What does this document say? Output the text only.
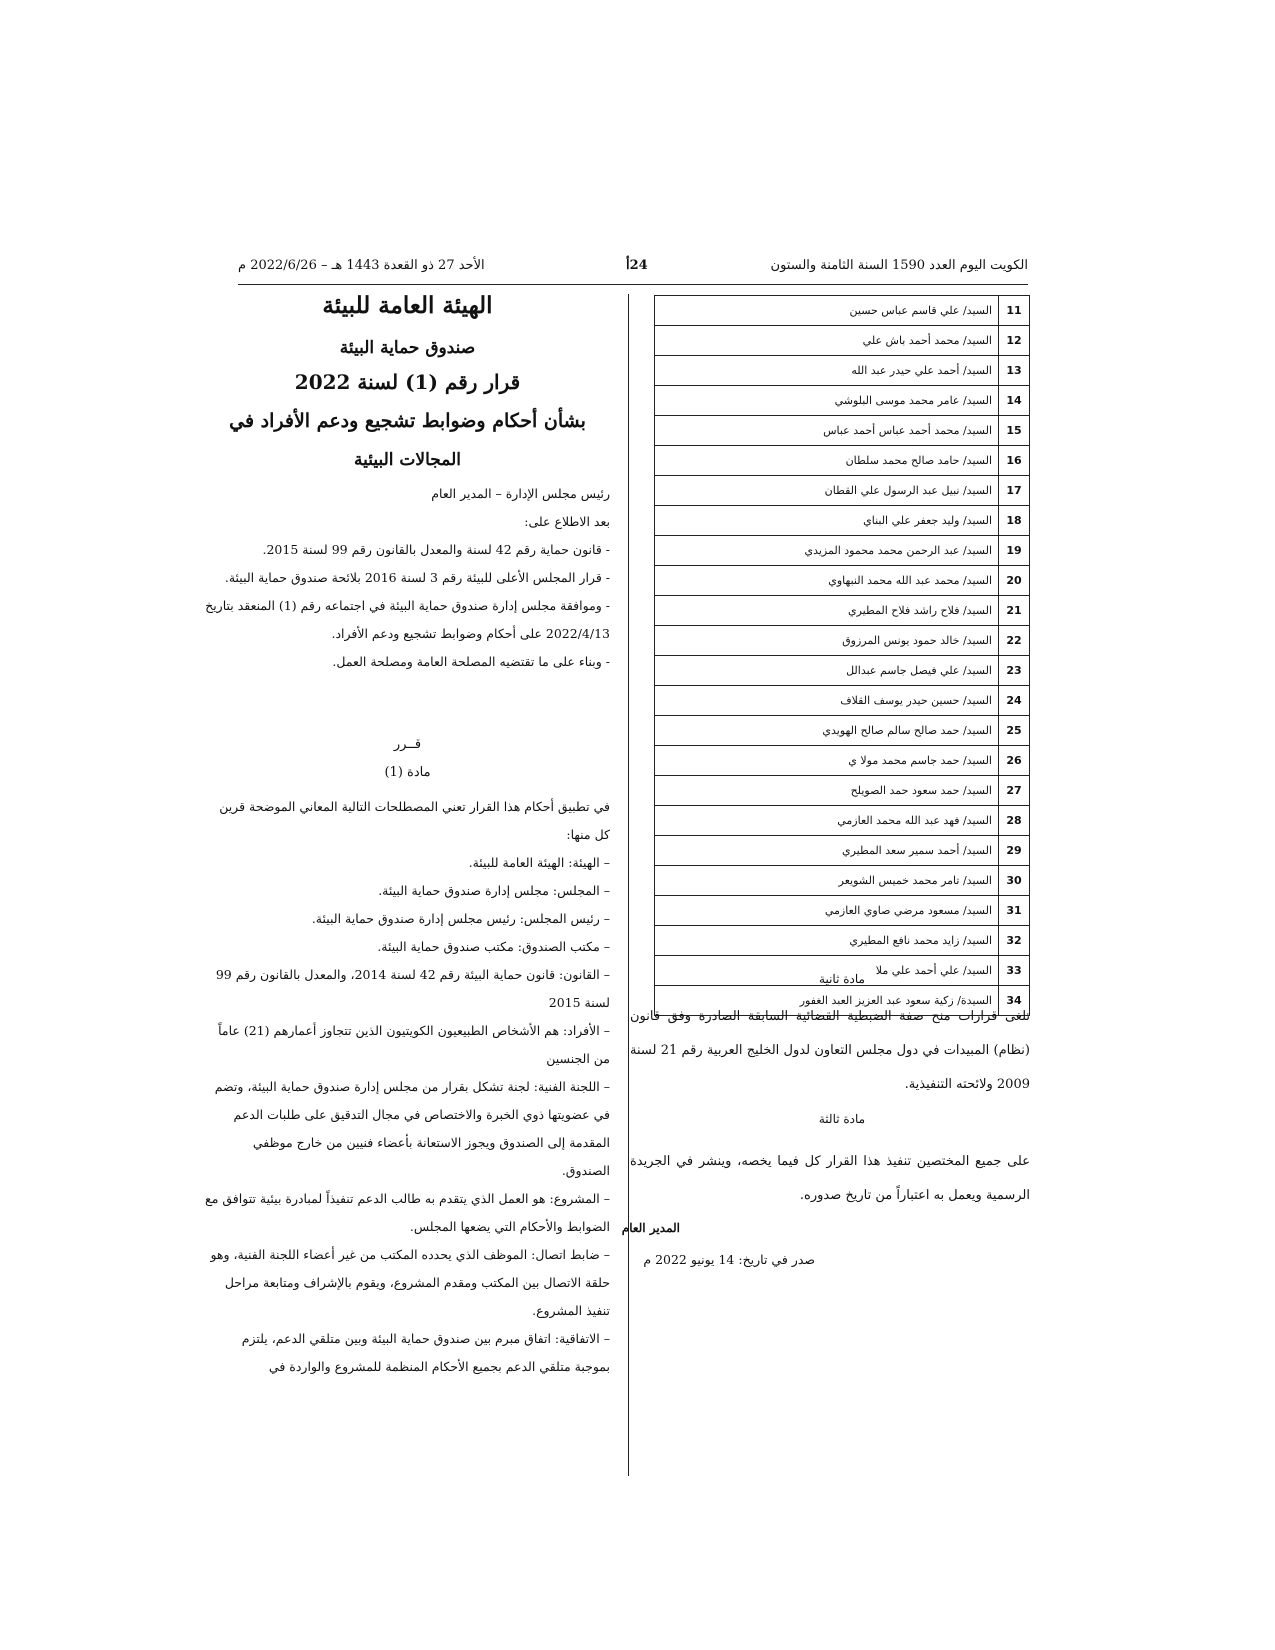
الكويت اليوم العدد 1590 السنة الثامنة والستون
24أ
الأحد 27 ذو القعدة 1443 هـ – 2022/6/26 م
11	السيد/ علي قاسم عباس حسين
12	السيد/ محمد أحمد باش علي
13	السيد/ أحمد علي حيدر عبد الله
14	السيد/ عامر محمد موسى البلوشي
15	السيد/ محمد أحمد عباس أحمد عباس
16	السيد/ حامد صالح محمد سلطان
17	السيد/ نبيل عبد الرسول علي القطان
18	السيد/ وليد جعفر علي البناي
19	السيد/ عبد الرحمن محمد محمود المزيدي
20	السيد/ محمد عبد الله محمد النبهاوي
21	السيد/ فلاح راشد فلاح المطيري
22	السيد/ خالد حمود يونس المرزوق
23	السيد/ علي فيصل جاسم عبدالل
24	السيد/ حسين حيدر يوسف القلاف
25	السيد/ حمد صالح سالم صالح الهويدي
26	السيد/ حمد جاسم محمد مولا ي
27	السيد/ حمد سعود حمد الصويلح
28	السيد/ فهد عبد الله محمد العازمي
29	السيد/ أحمد سمير سعد المطيري
30	السيد/ تامر محمد خميس الشويعر
31	السيد/ مسعود مرضي صاوي العازمي
32	السيد/ زايد محمد نافع المطيري
33	السيد/ علي أحمد علي ملا
34	السيدة/ زكية سعود عبد العزيز العبد الغفور
مادة ثانية

تلغى قرارات منح صفة الضبطية القضائية السابقة الصادرة وفق قانون (نظام) المبيدات في دول مجلس التعاون لدول الخليج العربية رقم 21 لسنة 2009 ولائحته التنفيذية.

مادة ثالثة

على جميع المختصين تنفيذ هذا القرار كل فيما يخصه، وينشر في الجريدة الرسمية ويعمل به اعتباراً من تاريخ صدوره.

المدير العام
صدر في تاريخ: 14 يونيو 2022 م
الهيئة العامة للبيئة
صندوق حماية البيئة
قرار رقم (1) لسنة 2022
بشأن أحكام وضوابط تشجيع ودعم الأفراد في
المجالات البيئية
رئيس مجلس الإدارة – المدير العام
بعد الاطلاع على:

- قانون حماية رقم 42 لسنة والمعدل بالقانون رقم 99 لسنة 2015.

- قرار المجلس الأعلى للبيئة رقم 3 لسنة 2016 بلائحة صندوق حماية البيئة.

- وموافقة مجلس إدارة صندوق حماية البيئة في اجتماعه رقم (1) المنعقد بتاريخ 2022/4/13 على أحكام وضوابط تشجيع ودعم الأفراد.

- وبناء على ما تقتضيه المصلحة العامة ومصلحة العمل.

قــرر
مادة (1)

في تطبيق أحكام هذا القرار تعني المصطلحات التالية المعاني الموضحة قرين كل منها:

– الهيئة: الهيئة العامة للبيئة.

– المجلس: مجلس إدارة صندوق حماية البيئة.

– رئيس المجلس: رئيس مجلس إدارة صندوق حماية البيئة.

– مكتب الصندوق: مكتب صندوق حماية البيئة.

– القانون: قانون حماية البيئة رقم 42 لسنة 2014، والمعدل بالقانون رقم 99 لسنة 2015

– الأفراد: هم الأشخاص الطبيعيون الكويتيون الذين تتجاوز أعمارهم (21) عاماً من الجنسين

– اللجنة الفنية: لجنة تشكل بقرار من مجلس إدارة صندوق حماية البيئة، وتضم في عضويتها ذوي الخبرة والاختصاص في مجال التدقيق على طلبات الدعم المقدمة إلى الصندوق ويجوز الاستعانة بأعضاء فنيين من خارج موظفي الصندوق.

– المشروع: هو العمل الذي يتقدم به طالب الدعم تنفيذاً لمبادرة بيئية تتوافق مع الضوابط والأحكام التي يضعها المجلس.

– ضابط اتصال: الموظف الذي يحدده المكتب من غير أعضاء اللجنة الفنية، وهو حلقة الاتصال بين المكتب ومقدم المشروع، ويقوم بالإشراف ومتابعة مراحل تنفيذ المشروع.

– الاتفاقية: اتفاق مبرم بين صندوق حماية البيئة وبين متلقي الدعم، يلتزم بموجبة متلقي الدعم بجميع الأحكام المنظمة للمشروع والواردة في
